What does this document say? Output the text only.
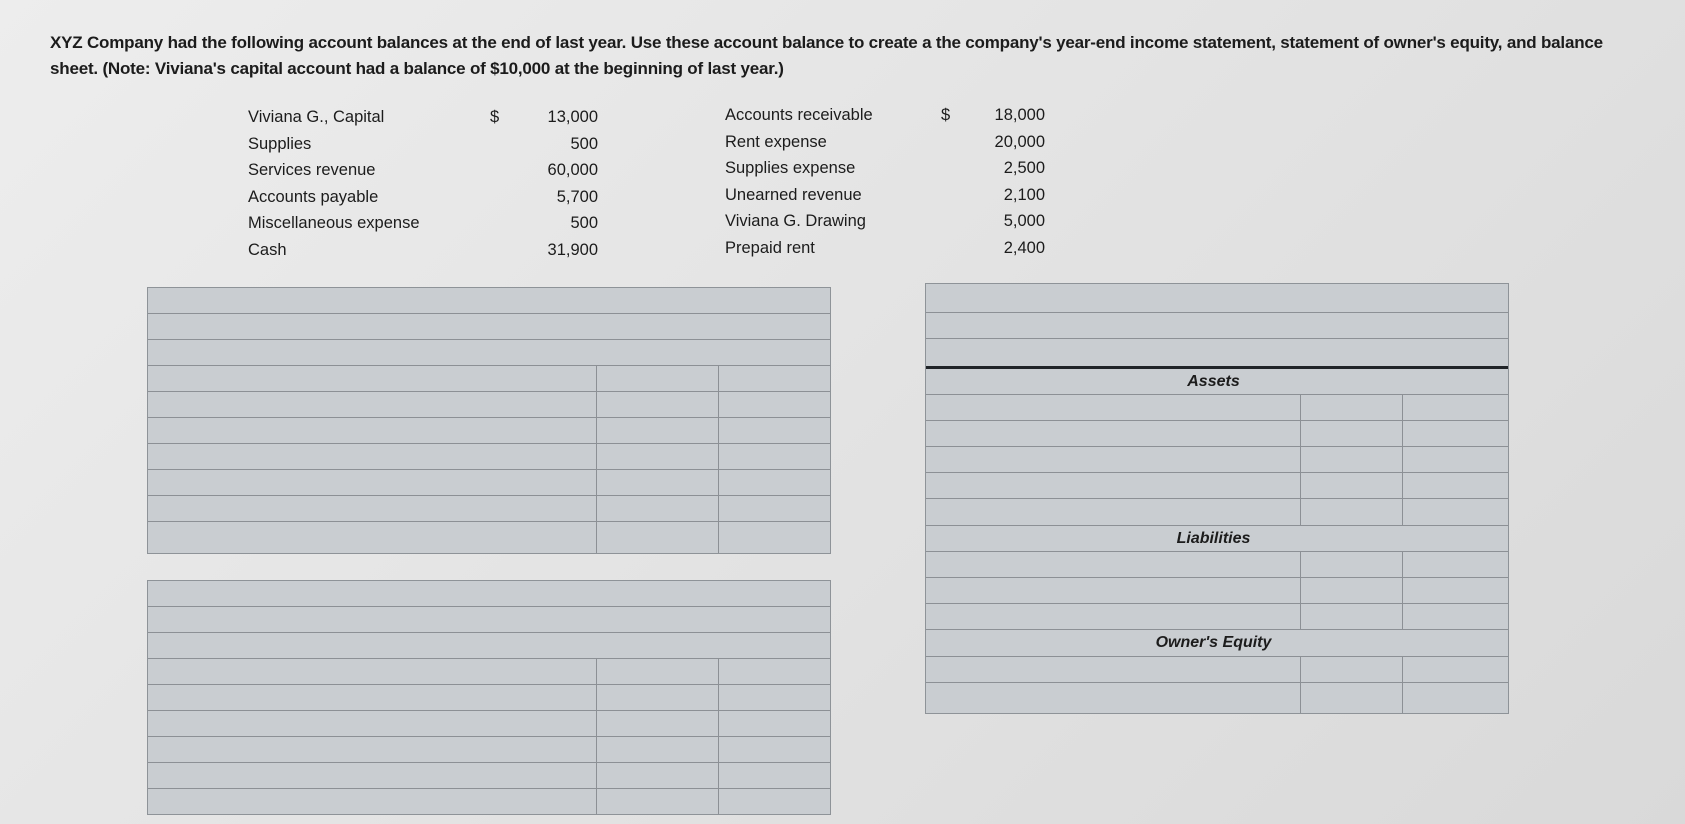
XYZ Company had the following account balances at the end of last year. Use these account balance to create a the company's year-end income statement, statement of owner's equity, and balance sheet. (Note: Viviana's capital account had a balance of $10,000 at the beginning of last year.)
Viviana G., Capital	$	13,000
Supplies	500
Services revenue	60,000
Accounts payable	5,700
Miscellaneous expense	500
Cash	31,900
Accounts receivable	$	18,000
Rent expense	20,000
Supplies expense	2,500
Unearned revenue	2,100
Viviana G. Drawing	5,000
Prepaid rent	2,400
Assets
Liabilities
Owner's Equity
